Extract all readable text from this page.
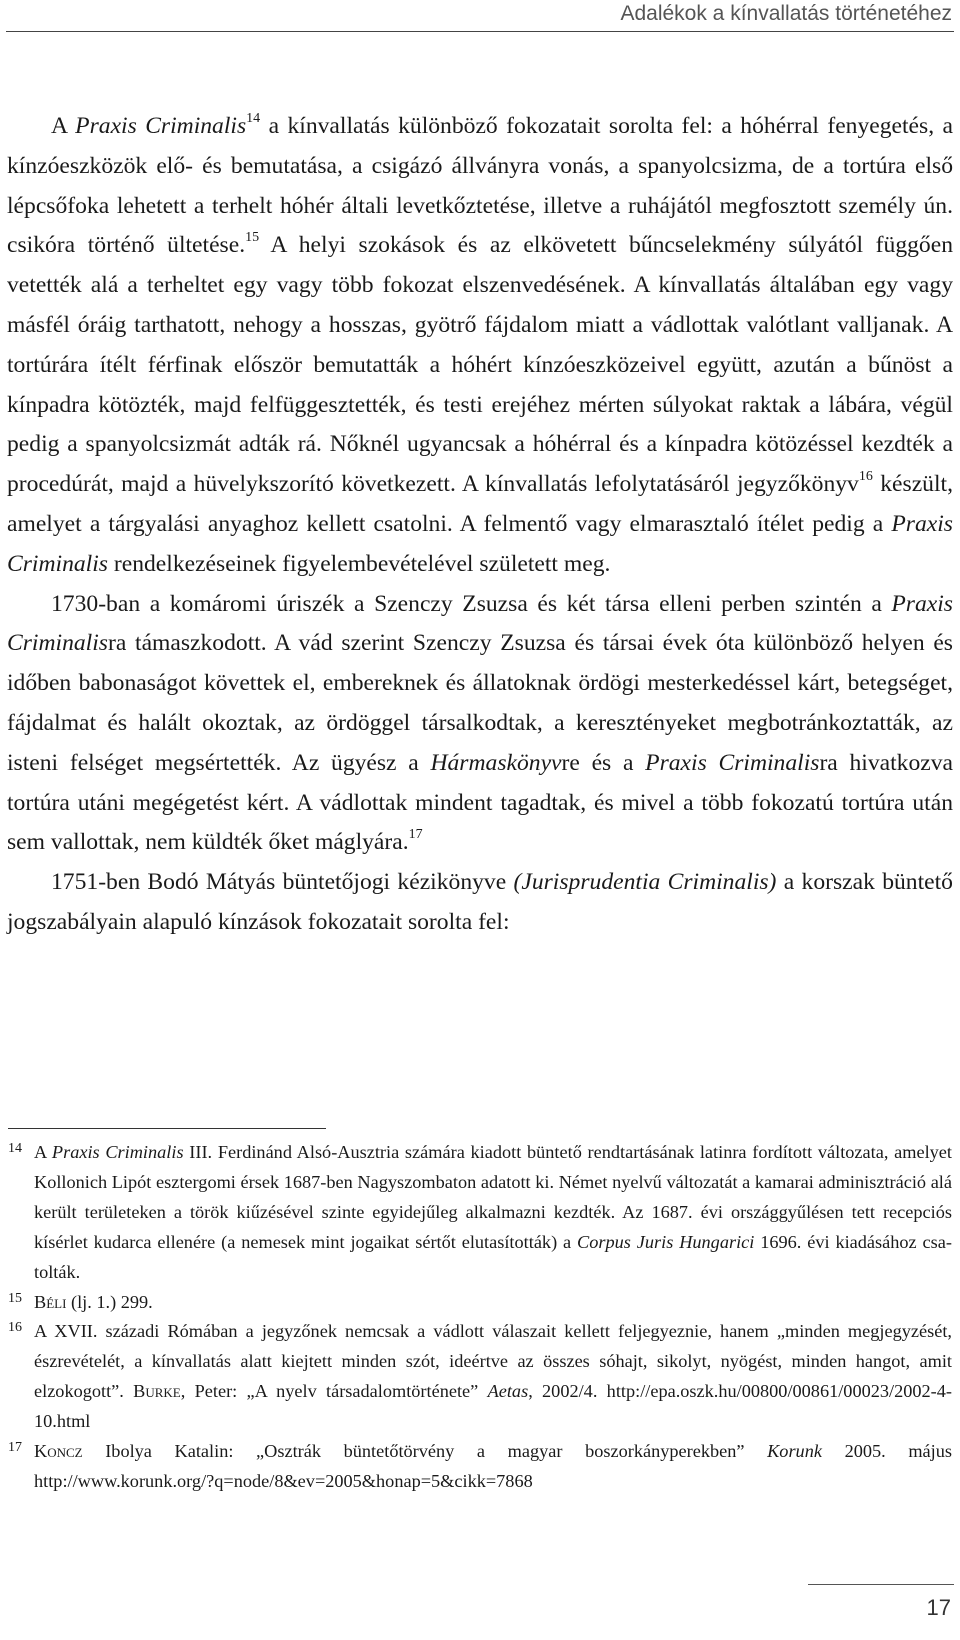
Adalékok a kínvallatás történetéhez

A Praxis Criminalis$^{14}$ a kínvallatás különböző fokozatait sorolta fel: a hóhérral fenyegetés, a kínzóeszközök elő- és bemutatása, a csigázó állványra vonás, a spanyolcsizma, de a tortúra első lépcsőfoka lehetett a terhelt hóhér általi levetkőztetése, illetve a ruhájától megfosztott személy ún. csikóra történő ültetése.$^{15}$ A helyi szokások és az elkövetett bűncselekmény súlyától függően vetették alá a terheltet egy vagy több fokozat elszenvedésének. A kínvallatás általában egy vagy másfél óráig tarthatott, nehogy a hosszas, gyötrő fájdalom miatt a vádlottak valótlant valljanak. A tortúrára ítélt férfinak először bemutatták a hóhért kínzóeszközeivel együtt, azután a bűnöst a kínpadra kötözték, majd felfüggesztették, és testi erejéhez mérten súlyokat raktak a lábára, végül pedig a spanyolcsizmát adták rá. Nőknél ugyancsak a hóhérral és a kínpadra kötözéssel kezdték a procedúrát, majd a hüvelykszorító következett. A kínvallatás lefolytatásáról jegyzőkönyv$^{16}$ készült, amelyet a tárgyalási anyaghoz kellett csatolni. A felmentő vagy elmarasztaló ítélet pedig a Praxis Criminalis rendelkezéseinek figyelembevételével született meg.

1730-ban a komáromi úriszék a Szenczy Zsuzsa és két társa elleni perben szintén a Praxis Criminalisra támaszkodott. A vád szerint Szenczy Zsuzsa és társai évek óta különböző helyen és időben babonaságot követtek el, embereknek és állatoknak ördögi mesterkedéssel kárt, betegséget, fájdalmat és halált okoztak, az ördöggel társalkodtak, a keresztényeket megbotránkoztatták, az isteni felséget megsértették. Az ügyész a Hármaskönyvre és a Praxis Criminalisra hivatkozva tortúra utáni megégetést kért. A vádlottak mindent tagadtak, és mivel a több fokozatú tortúra után sem vallottak, nem küldték őket máglyára.$^{17}$

1751-ben Bodó Mátyás büntetőjogi kézikönyve (Jurisprudentia Criminalis) a korszak büntető jogszabályain alapuló kínzások fokozatait sorolta fel:

14 A Praxis Criminalis III. Ferdinánd Alsó-Ausztria számára kiadott büntető rendtartásának latinra fordított változata, amelyet Kollonich Lipót esztergomi érsek 1687-ben Nagyszombaton adatott ki. Német nyelvű változatát a kamarai adminisztráció alá került területeken a török kiűzésével szinte egyidejűleg alkalmazni kezdték. Az 1687. évi országgyűlésen tett recepciós kísérlet kudarca ellenére (a nemesek mint jogaikat sértőt elutasították) a Corpus Juris Hungarici 1696. évi kiadásához csatolták.
15 Béli (lj. 1.) 299.
16 A XVII. századi Rómában a jegyzőnek nemcsak a vádlott válaszait kellett feljegyeznie, hanem „minden megjegyzését, észrevételét, a kínvallatás alatt kiejtett minden szót, ideértve az összes sóhajt, sikolyt, nyögést, minden hangot, amit elzokogott”. Burke, Peter: „A nyelv társadalomtörténete” Aetas, 2002/4. http://epa.oszk.hu/00800/00861/00023/2002-4-10.html
17 Koncz Ibolya Katalin: „Osztrák büntetőtörvény a magyar boszorkányperekben” Korunk 2005. május http://www.korunk.org/?q=node/8&ev=2005&honap=5&cikk=7868
17
